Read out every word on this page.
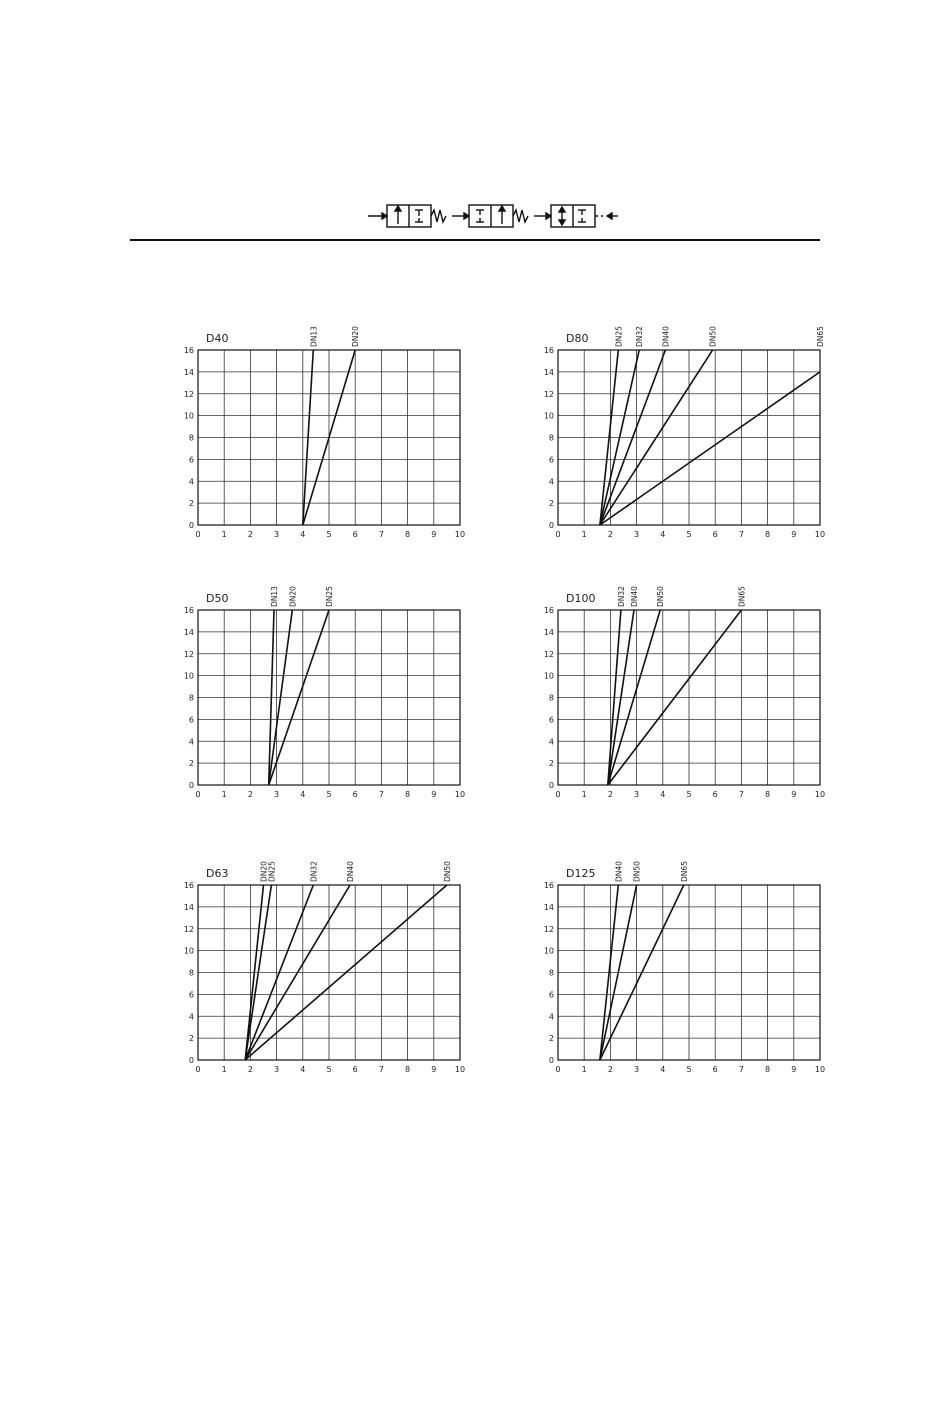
0	1	2	3	4	5	6	7	8	9 10
0
2
4
6
8
10
12
14
16
D40	DN13	DN20
0	1	2	3	4	5	6	7	8	9 10
0
2
4
6
8
10
12
14
16
D80	DN25 DN32 DN40	DN50	DN65
0	1	2	3	4	5	6	7	8	9 10
0
2
4
6
8
10
12
14
16
D50	DN13 DN20	DN25
0	1	2	3	4	5	6	7	8	9 10
0
2
4
6
8
10
12
14
16
D100	DN32 DN40 DN50	DN65
0	1	2	3	4	5	6	7	8	9 10
0
2
4
6
8
10
12
14
16
D63	DN20
DN25	DN32	DN40	DN50
0	1	2	3	4	5	6	7	8	9 10
0
2
4
6
8
10
12
14
16
D125	DN40 DN50	DN65
